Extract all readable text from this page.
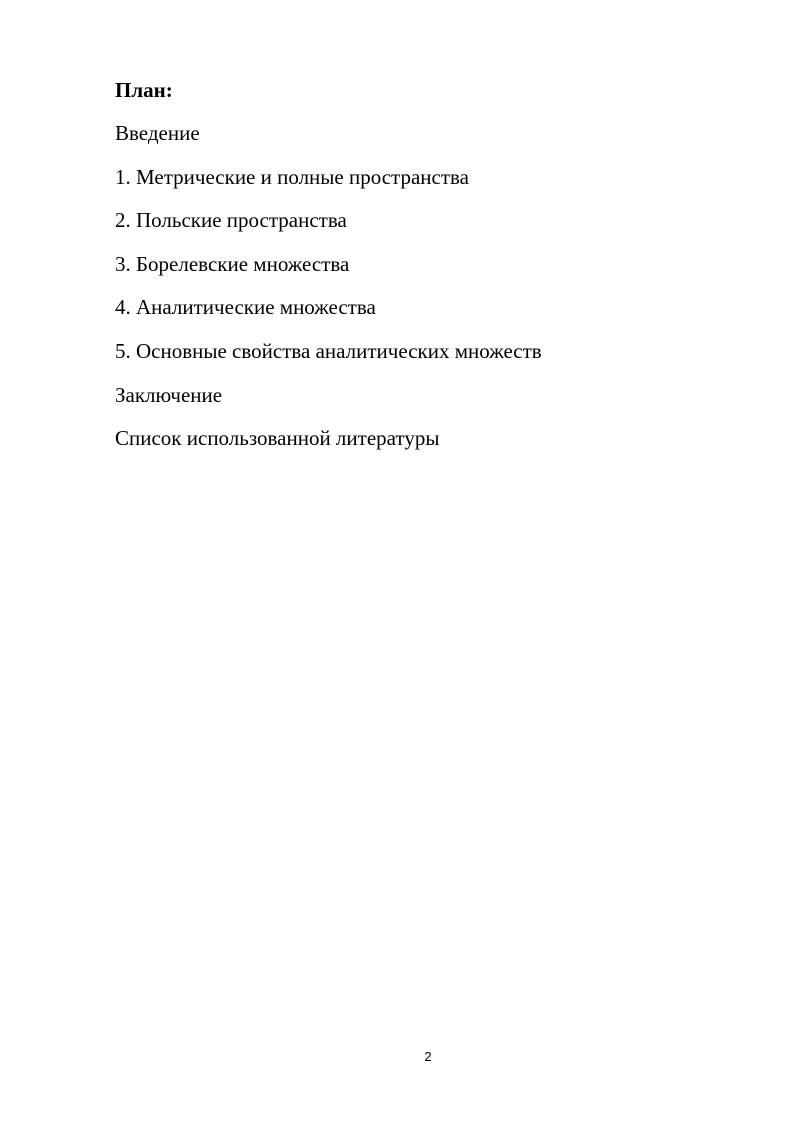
План:
Введение
1. Метрические и полные пространства
2. Польские пространства
3. Борелевские множества
4. Аналитические множества
5. Основные свойства аналитических множеств
Заключение
Список использованной литературы
2
